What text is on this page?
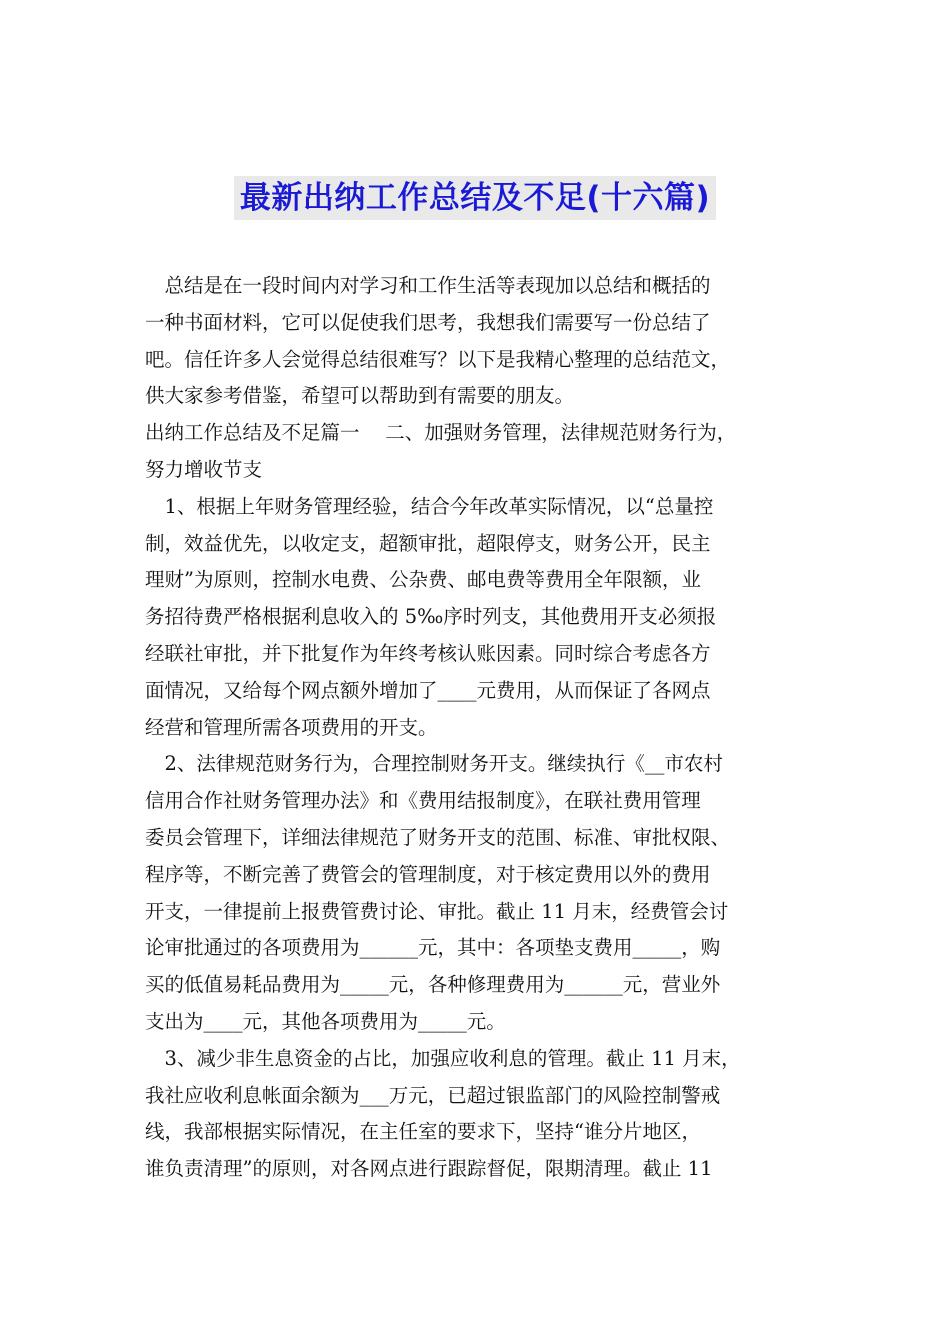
最新出纳工作总结及不足(十六篇)
　总结是在一段时间内对学习和工作生活等表现加以总结和概括的
一种书面材料，它可以促使我们思考，我想我们需要写一份总结了
吧。信任许多人会觉得总结很难写？以下是我精心整理的总结范文，
供大家参考借鉴，希望可以帮助到有需要的朋友。
出纳工作总结及不足篇一　 二、加强财务管理，法律规范财务行为，
努力增收节支
　1、根据上年财务管理经验，结合今年改革实际情况，以“总量控
制，效益优先，以收定支，超额审批，超限停支，财务公开，民主
理财”为原则，控制水电费、公杂费、邮电费等费用全年限额，业
务招待费严格根据利息收入的 5‰序时列支，其他费用开支必须报
经联社审批，并下批复作为年终考核认账因素。同时综合考虑各方
面情况，又给每个网点额外增加了____元费用，从而保证了各网点
经营和管理所需各项费用的开支。
　2、法律规范财务行为，合理控制财务开支。继续执行《__市农村
信用合作社财务管理办法》和《费用结报制度》，在联社费用管理
委员会管理下，详细法律规范了财务开支的范围、标准、审批权限、
程序等，不断完善了费管会的管理制度，对于核定费用以外的费用
开支，一律提前上报费管费讨论、审批。截止 11 月末，经费管会讨
论审批通过的各项费用为______元，其中：各项垫支费用_____，购
买的低值易耗品费用为_____元，各种修理费用为______元，营业外
支出为____元，其他各项费用为_____元。
　3、减少非生息资金的占比，加强应收利息的管理。截止 11 月末，
我社应收利息帐面余额为___万元，已超过银监部门的风险控制警戒
线，我部根据实际情况，在主任室的要求下，坚持“谁分片地区，
谁负责清理”的原则，对各网点进行跟踪督促，限期清理。截止 11
